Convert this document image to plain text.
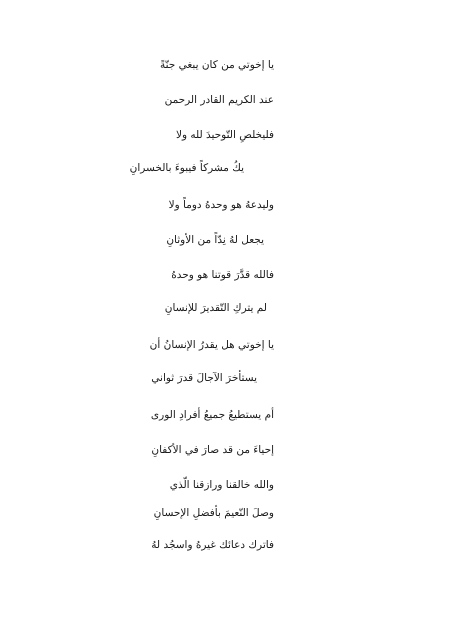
يا إخوتي من كان يبغي جنّةً

عند الكريم القادر الرحمن

فليخلصِ التّوحيدَ لله ولا

يكُ مشركاً فيبوءَ بالخسرانِ

وليدعهُ هو وحدهُ دوماً ولا

يجعل لهُ نِدّاً من الأوثانِ

فالله قدَّرَ قوتنا هو وحدهُ

لم يتركِ التّقديرَ للإنسانِ

يا إخوتي هل يقدرُ الإنسانُ أن

يستأخرَ الآجالَ قدرَ ثواني

أم يستطيعُ جميعُ أفرادِ الورى

إحياءَ من قد صارَ في الأكفانِ

والله خالقنا ورازقنا الّذي

وصلَ النّعيمَ بأفضلِ الإحسانِ

فاترك دعائك غيرهُ واسجُد لهُ
